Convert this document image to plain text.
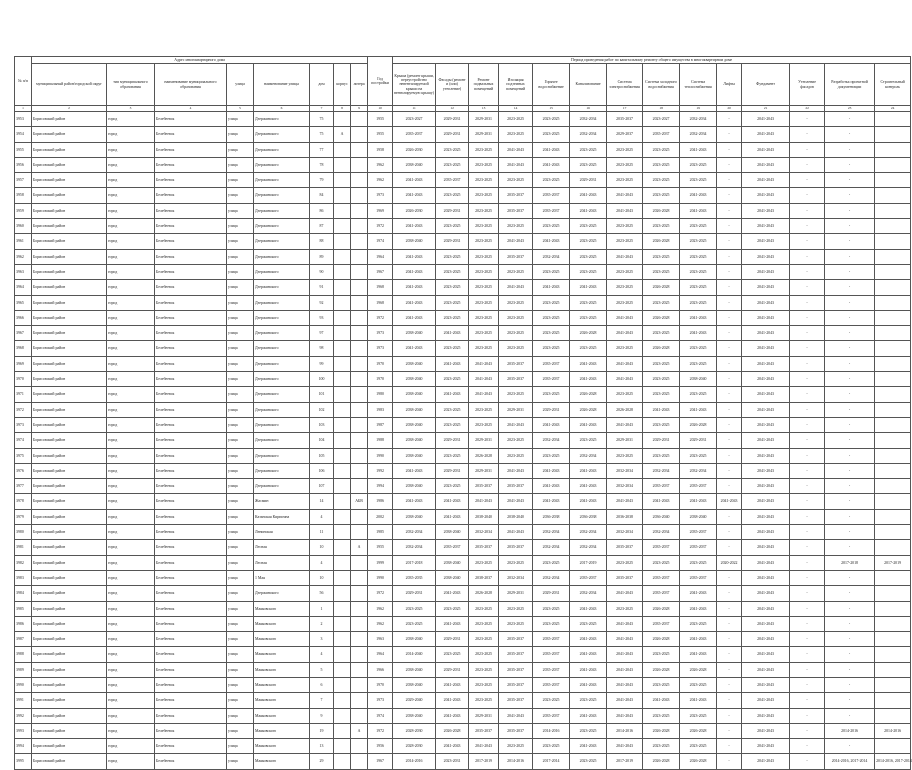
№ п/п	Адрес многоквартирного дома								Год постройки	Период проведения работ по капитальному ремонту общего имущества в многоквартирном доме													
	муниципальный район/городской округ	тип муниципального образования	наименование муниципального образования	улица	наименование улицы	дом	корпус	литера		Крыша (ремонт крыши, переустройство невентилируемой крыши на вентилируемую крышу)	Фасады (ремонт и (или) утепление)	Ремонт подвальных помещений	Изоляция подземных помещений	Горячее водоснабжение	Канализование	Система электроснабжения	Система холодного водоснабжения	Система теплоснабжения	Лифты	Фундамент	Утепление фасадов	Разработка проектной документации	Строительный контроль
1	2	3	4	5	6	7	8	9	10	11	12	13	14	15	16	17	18	19	20	21	22	23	24
3953	Борисовский район	город	Белебеевск	улица	Дзержинского	75			1955	2023-2027	2029-2031	2029-2031	2023-2025	2023-2025	2032-2034	2035-2037	2023-2027	2032-2034	-	2041-2043	-	-	
3954	Борисовский район	город	Белебеевск	улица	Дзержинского	75	А		1955	2035-2037	2029-2031	2029-2031	2023-2025	2023-2025	2032-2034	2029-2037	2035-2037	2032-2034	-	2041-2043	-	-	
3955	Борисовский район	город	Белебеевск	улица	Дзержинского	77			1958	2026-2030	2023-2025	2023-2025	2041-2043	2041-2043	2023-2025	2023-2025	2023-2025	2041-2043	-	2041-2043	-	-	
3956	Борисовский район	город	Белебеевск	улица	Дзержинского	78			1962	2038-2040	2023-2025	2023-2025	2041-2043	2041-2043	2023-2025	2023-2025	2023-2025	2023-2025	-	2041-2043	-	-	
3957	Борисовский район	город	Белебеевск	улица	Дзержинского	79			1962	2041-2043	2035-2037	2023-2025	2023-2025	2023-2025	2029-2031	2023-2025	2023-2025	2023-2025	-	2041-2043	-	-	
3958	Борисовский район	город	Белебеевск	улица	Дзержинского	84			1973	2041-2043	2023-2025	2023-2025	2035-2037	2035-2037	2041-2043	2041-2043	2023-2025	2041-2043	-	2041-2043	-	-	
3959	Борисовский район	город	Белебеевск	улица	Дзержинского	86			1969	2026-2030	2029-2031	2023-2025	2035-2037	2035-2037	2041-2043	2041-2043	2026-2028	2041-2043	-	2041-2043	-	-	
3960	Борисовский район	город	Белебеевск	улица	Дзержинского	87			1972	2041-2043	2023-2025	2023-2025	2023-2025	2023-2025	2023-2025	2023-2025	2023-2025	2023-2025	-	2041-2043	-	-	
3961	Борисовский район	город	Белебеевск	улица	Дзержинского	88			1974	2038-2040	2029-2031	2023-2025	2041-2043	2041-2043	2023-2025	2023-2025	2026-2028	2023-2025	-	2041-2043	-	-	
3962	Борисовский район	город	Белебеевск	улица	Дзержинского	89			1964	2041-2043	2023-2025	2023-2025	2035-2037	2032-2034	2023-2025	2041-2043	2023-2025	2023-2025	-	2041-2043	-	-	
3963	Борисовский район	город	Белебеевск	улица	Дзержинского	90			1967	2041-2043	2023-2025	2023-2025	2023-2025	2023-2025	2023-2025	2023-2025	2023-2025	2023-2025	-	2041-2043	-	-	
3964	Борисовский район	город	Белебеевск	улица	Дзержинского	91			1968	2041-2043	2023-2025	2023-2025	2041-2043	2041-2043	2041-2043	2023-2025	2026-2028	2023-2025	-	2041-2043	-	-	
3965	Борисовский район	город	Белебеевск	улица	Дзержинского	92			1968	2041-2043	2023-2025	2023-2025	2023-2025	2023-2025	2023-2025	2023-2025	2023-2025	2023-2025	-	2041-2043	-	-	
3966	Борисовский район	город	Белебеевск	улица	Дзержинского	93			1972	2041-2043	2023-2025	2023-2025	2023-2025	2023-2025	2023-2025	2041-2043	2026-2028	2041-2043	-	2041-2043	-	-	
3967	Борисовский район	город	Белебеевск	улица	Дзержинского	97			1973	2038-2040	2041-2043	2023-2025	2023-2025	2023-2025	2026-2028	2041-2043	2023-2025	2041-2043	-	2041-2043	-	-	
3968	Борисовский район	город	Белебеевск	улица	Дзержинского	98			1973	2041-2043	2023-2025	2023-2025	2023-2025	2023-2025	2023-2025	2023-2025	2026-2028	2023-2025	-	2041-2043	-	-	
3969	Борисовский район	город	Белебеевск	улица	Дзержинского	99			1970	2038-2040	2041-2043	2041-2043	2035-2037	2035-2037	2041-2043	2041-2043	2023-2025	2023-2025	-	2041-2043	-	-	
3970	Борисовский район	город	Белебеевск	улица	Дзержинского	100			1970	2038-2040	2023-2025	2041-2043	2035-2037	2035-2037	2041-2043	2041-2043	2023-2025	2038-2040	-	2041-2043	-	-	
3971	Борисовский район	город	Белебеевск	улица	Дзержинского	101			1980	2038-2040	2041-2043	2041-2043	2023-2025	2023-2025	2026-2028	2023-2025	2023-2025	2023-2025	-	2041-2043	-	-	
3972	Борисовский район	город	Белебеевск	улица	Дзержинского	102			1983	2038-2040	2023-2025	2023-2025	2029-2031	2029-2031	2026-2028	2026-2028	2041-2043	2041-2043	-	2041-2043	-	-	
3973	Борисовский район	город	Белебеевск	улица	Дзержинского	103			1987	2038-2040	2023-2025	2023-2025	2041-2043	2041-2043	2041-2043	2041-2043	2023-2025	2026-2028	-	2041-2043	-	-	
3974	Борисовский район	город	Белебеевск	улица	Дзержинского	104			1988	2038-2040	2029-2031	2029-2031	2023-2025	2032-2034	2023-2025	2029-2031	2029-2031	2029-2031	-	2041-2043	-	-	
3975	Борисовский район	город	Белебеевск	улица	Дзержинского	105			1990	2038-2040	2023-2025	2026-2028	2023-2025	2023-2025	2032-2034	2023-2025	2023-2025	2023-2025	-	2041-2043	-	-	
3976	Борисовский район	город	Белебеевск	улица	Дзержинского	106			1992	2041-2043	2029-2031	2029-2031	2041-2043	2041-2043	2041-2043	2032-2034	2032-2034	2032-2034	-	2041-2043	-	-	
3977	Борисовский район	город	Белебеевск	улица	Дзержинского	107			1994	2038-2040	2023-2025	2035-2037	2035-2037	2041-2043	2041-2043	2032-2034	2035-2037	2035-2037	-	2041-2043	-	-	
3978	Борисовский район	город	Белебеевск	улица	Жасмин	14		АБВ	1986	2041-2043	2041-2043	2041-2043	2041-2043	2041-2043	2041-2043	2041-2043	2041-2043	2041-2043	2041-2043	2041-2043	-	-	
3979	Борисовский район	город	Белебеевск	улица	Казанская Кирпична	4			2002	2038-2040	2041-2043	2038-2040	2038-2040	2036-2038	2036-2038	2036-2038	2036-2040	2038-2040	-	2041-2043	-	-	
3980	Борисовский район	город	Белебеевск	улица	Ленинская	11			1985	2032-2034	2038-2040	2032-2034	2041-2043	2032-2034	2032-2034	2032-2034	2032-2034	2035-2037	-	2041-2043	-	-	
3981	Борисовский район	город	Белебеевск	улица	Лесная	10		А	1955	2032-2034	2035-2037	2035-2037	2035-2037	2032-2034	2032-2034	2035-2037	2035-2037	2035-2037	-	2041-2043	-	-	
3982	Борисовский район	город	Белебеевск	улица	Лесная	4			1999	2017-2018	2038-2040	2023-2025	2023-2025	2023-2025	2017-2019	2023-2025	2023-2025	2023-2025	2020-2022	2041-2043	-	2017-2018	2017-2019
3983	Борисовский район	город	Белебеевск	улица	1 Мая	10			1990	2035-2035	2038-2040	2038-2037	2032-2034	2032-2034	2035-2037	2035-2037	2035-2037	2035-2037	-	2041-2043	-	-	
3984	Борисовский район	город	Белебеевск	улица	Дзержинского	56			1972	2029-2031	2041-2043	2026-2028	2029-2031	2029-2031	2032-2034	2041-2043	2035-2037	2041-2043	-	2041-2043	-	-	
3985	Борисовский район	город	Белебеевск	улица	Маяковского	1			1962	2023-2025	2023-2025	2023-2025	2023-2025	2023-2025	2041-2043	2023-2025	2026-2028	2041-2043	-	2041-2043	-	-	
3986	Борисовский район	город	Белебеевск	улица	Маяковского	2			1962	2023-2025	2041-2043	2023-2025	2023-2025	2023-2025	2023-2025	2041-2043	2035-2037	2023-2025	-	2041-2043	-	-	
3987	Борисовский район	город	Белебеевск	улица	Маяковского	3			1963	2038-2040	2029-2031	2023-2025	2035-2037	2035-2037	2041-2043	2041-2043	2026-2028	2041-2043	-	2041-2043	-	-	
3988	Борисовский район	город	Белебеевск	улица	Маяковского	4			1964	2014-2040	2023-2025	2023-2025	2035-2037	2035-2037	2041-2043	2041-2043	2023-2025	2041-2043	-	2041-2043	-	-	
3989	Борисовский район	город	Белебеевск	улица	Маяковского	5			1966	2038-2040	2029-2031	2023-2025	2035-2037	2035-2037	2041-2043	2041-2043	2026-2028	2026-2028	-	2041-2043	-	-	
3990	Борисовский район	город	Белебеевск	улица	Маяковского	6			1970	2038-2040	2041-2043	2023-2025	2035-2037	2035-2037	2041-2043	2041-2043	2023-2025	2023-2025	-	2041-2043	-	-	
3991	Борисовский район	город	Белебеевск	улица	Маяковского	7			1973	2029-2040	2041-2043	2023-2025	2035-2037	2023-2025	2023-2025	2041-2043	2041-2043	2041-2043	-	2041-2043	-	-	
3992	Борисовский район	город	Белебеевск	улица	Маяковского	9			1974	2038-2040	2041-2043	2029-2031	2041-2043	2035-2037	2041-2043	2041-2043	2023-2025	2023-2025	-	2041-2043	-	-	
3993	Борисовский район	город	Белебеевск	улица	Маяковского	19		А	1972	2028-2030	2026-2028	2035-2037	2035-2037	2014-2016	2023-2025	2014-2016	2026-2028	2026-2028	-	2041-2043	-	2014-2016	2014-2016
3994	Борисовский район	город	Белебеевск	улица	Маяковского	13			1956	2028-2030	2041-2043	2041-2043	2023-2025	2023-2025	2041-2043	2041-2043	2023-2025	2023-2025	-	2041-2043	-	-	
3995	Борисовский район	город	Белебеевск	улица	Маяковского	29			1967	2014-2016	2023-2031	2017-2019	2014-2016	2017-2014	2023-2025	2017-2019	2026-2028	2026-2028	-	2041-2043	-	2014-2016, 2017-2014	2014-2016, 2017-2014
